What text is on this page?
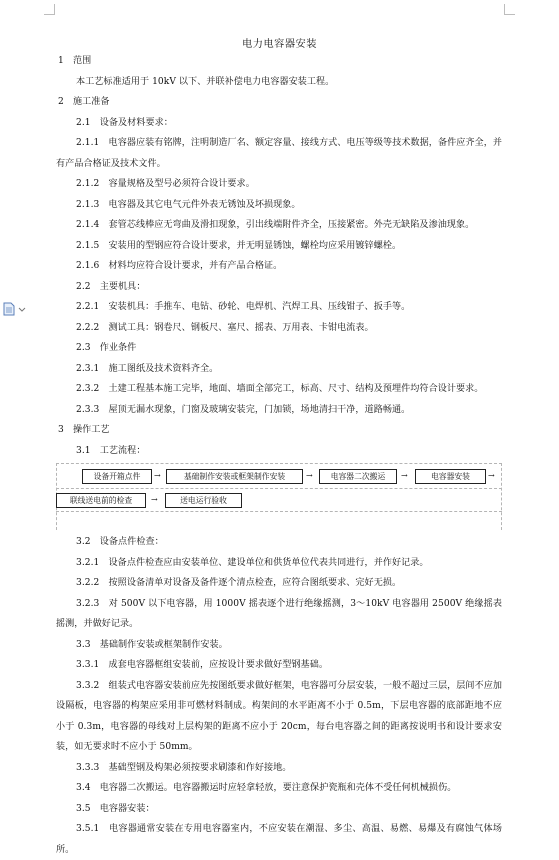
电力电容器安装
1　范围
本工艺标准适用于 10kV 以下、并联补偿电力电容器安装工程。
2　施工准备
2.1　设备及材料要求：
2.1.1　电容器应装有铭牌，注明制造厂名、额定容量、接线方式、电压等级等技术数据，备件应齐全，并有产品合格证及技术文件。
2.1.2　容量规格及型号必须符合设计要求。
2.1.3　电容器及其它电气元件外表无锈蚀及坏损现象。
2.1.4　套管芯线棒应无弯曲及滑扣现象，引出线端附件齐全，压接紧密。外壳无缺陷及渗油现象。
2.1.5　安装用的型钢应符合设计要求，并无明显锈蚀，螺栓均应采用镀锌螺栓。
2.1.6　材料均应符合设计要求，并有产品合格证。
2.2　主要机具：
2.2.1　安装机具：手推车、电钻、砂轮、电焊机、汽焊工具、压线钳子、扳手等。
2.2.2　测试工具：钢卷尺、钢板尺、塞尺、摇表、万用表、卡钳电流表。
2.3　作业条件
2.3.1　施工图纸及技术资料齐全。
2.3.2　土建工程基本施工完毕，地面、墙面全部完工，标高、尺寸、结构及预埋件均符合设计要求。
2.3.3　屋顶无漏水现象，门窗及玻璃安装完，门加锁，场地清扫干净，道路畅通。
3　操作工艺
3.1　工艺流程：
设备开箱点件	→	基础制作安装或框架制作安装	→	电容器二次搬运	→	电容器安装	→
联线送电前的检查	→	送电运行验收
3.2　设备点件检查：
3.2.1　设备点件检查应由安装单位、建设单位和供货单位代表共同进行，并作好记录。
3.2.2　按照设备清单对设备及备件逐个清点检查，应符合图纸要求、完好无损。
3.2.3　对 500V 以下电容器，用 1000V 摇表逐个进行绝缘摇测，3～10kV 电容器用 2500V 绝缘摇表摇测，并做好记录。
3.3　基础制作安装或框架制作安装。
3.3.1　成套电容器框组安装前，应按设计要求做好型钢基础。
3.3.2　组装式电容器安装前应先按图纸要求做好框架，电容器可分层安装，一般不超过三层，层间不应加设隔板，电容器的构架应采用非可燃材料制成。构架间的水平距离不小于 0.5m，下层电容器的底部距地不应小于 0.3m，电容器的母线对上层构架的距离不应小于 20cm，每台电容器之间的距离按说明书和设计要求安装，如无要求时不应小于 50mm。
3.3.3　基础型钢及构架必须按要求刷漆和作好接地。
3.4　电容器二次搬运。电容器搬运时应轻拿轻放，要注意保护瓷瓶和壳体不受任何机械损伤。
3.5　电容器安装：
3.5.1　电容器通常安装在专用电容器室内，不应安装在潮湿、多尘、高温、易燃、易爆及有腐蚀气体场所。
